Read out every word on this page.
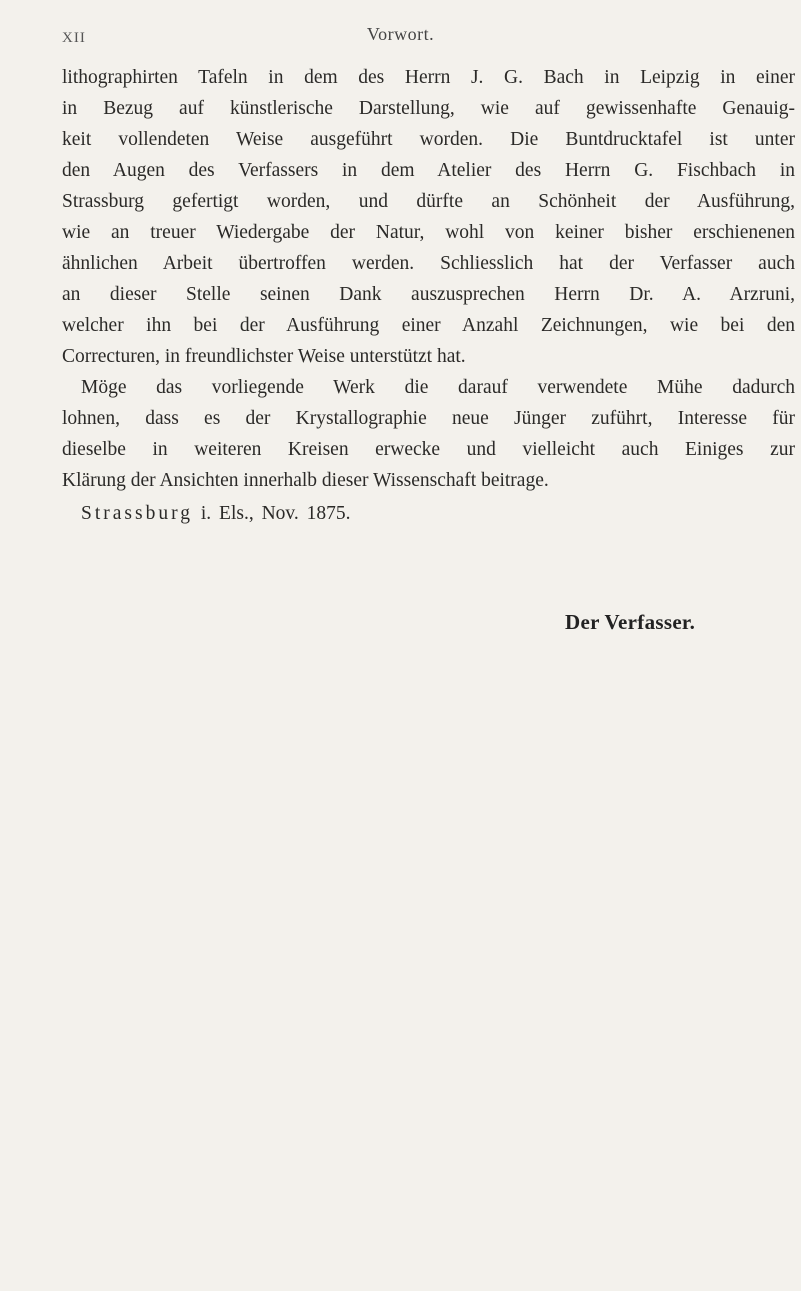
XII	Vorwort.
lithographirten Tafeln in dem des Herrn J. G. Bach in Leipzig in einer
in Bezug auf künstlerische Darstellung, wie auf gewissenhafte Genauig-
keit vollendeten Weise ausgeführt worden. Die Buntdrucktafel ist unter
den Augen des Verfassers in dem Atelier des Herrn G. Fischbach in
Strassburg gefertigt worden, und dürfte an Schönheit der Ausführung,
wie an treuer Wiedergabe der Natur, wohl von keiner bisher erschienenen
ähnlichen Arbeit übertroffen werden. Schliesslich hat der Verfasser auch
an dieser Stelle seinen Dank auszusprechen Herrn Dr. A. Arzruni,
welcher ihn bei der Ausführung einer Anzahl Zeichnungen, wie bei den
Correcturen, in freundlichster Weise unterstützt hat.
Möge das vorliegende Werk die darauf verwendete Mühe dadurch
lohnen, dass es der Krystallographie neue Jünger zuführt, Interesse für
dieselbe in weiteren Kreisen erwecke und vielleicht auch Einiges zur
Klärung der Ansichten innerhalb dieser Wissenschaft beitrage.
Strassburg i. Els., Nov. 1875.
Der Verfasser.
